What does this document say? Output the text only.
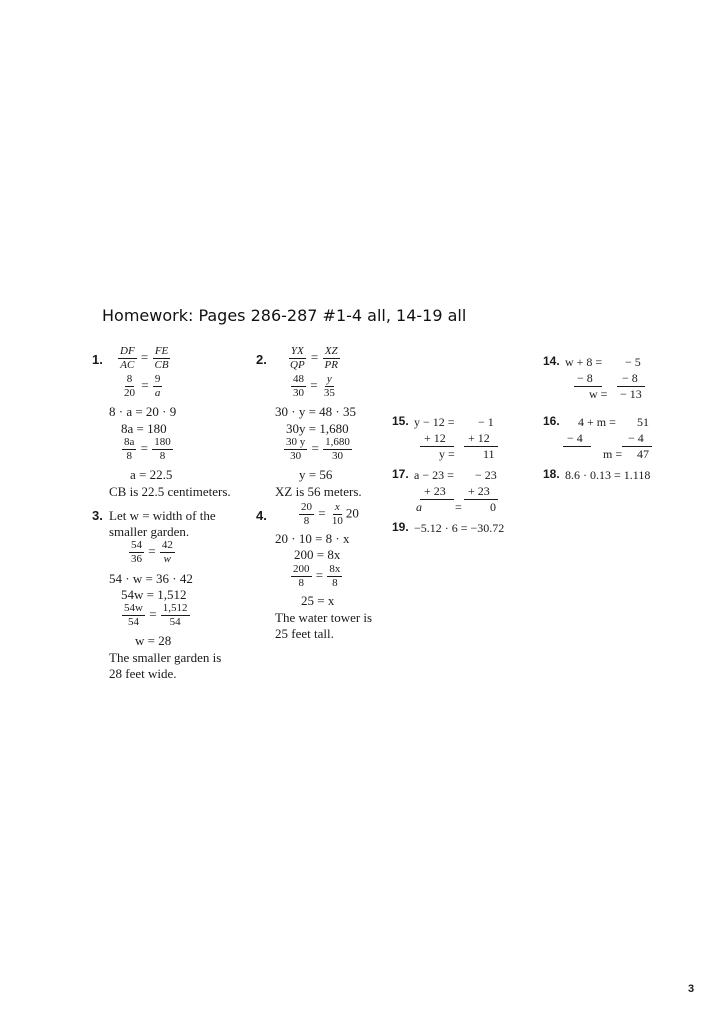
Homework: Pages 286-287 #1-4 all, 14-19 all
1. $\frac{DF}{AC} = \frac{FE}{CB}$
$\frac{8}{20} = \frac{9}{a}$
8 · a = 20 · 9
8a = 180
$\frac{8a}{8} = \frac{180}{8}$
a = 22.5
CB is 22.5 centimeters.
2. $\frac{YX}{QP} = \frac{XZ}{PR}$
$\frac{48}{30} = \frac{y}{35}$
30 · y = 48 · 35
30y = 1,680
$\frac{30 y}{30} = \frac{1,680}{30}$
y = 56
XZ is 56 meters.
3. Let w = width of the
smaller garden.
$\frac{54}{36} = \frac{42}{w}$
54 · w = 36 · 42
54w = 1,512
$\frac{54w}{54} = \frac{1,512}{54}$
w = 28
The smaller garden is
28 feet wide.
4.	$\frac{20}{8} = \frac{x}{10} 20$
20 · 10 = 8 · x
200 = 8x
$\frac{200}{8} = \frac{8x}{8}$
25 = x
The water tower is
25 feet tall.
15. y − 12 = − 1
+ 12 + 12
y = 11
17. a − 23 = − 23
+ 23 + 23
a	= 0
19. −5.12 · 6 = −30.72
14. w + 8 = − 5
− 8 − 8
w = − 13
16. 4 + m = 51
− 4	− 4
m = 47
18. 8.6 · 0.13 = 1.118
3
